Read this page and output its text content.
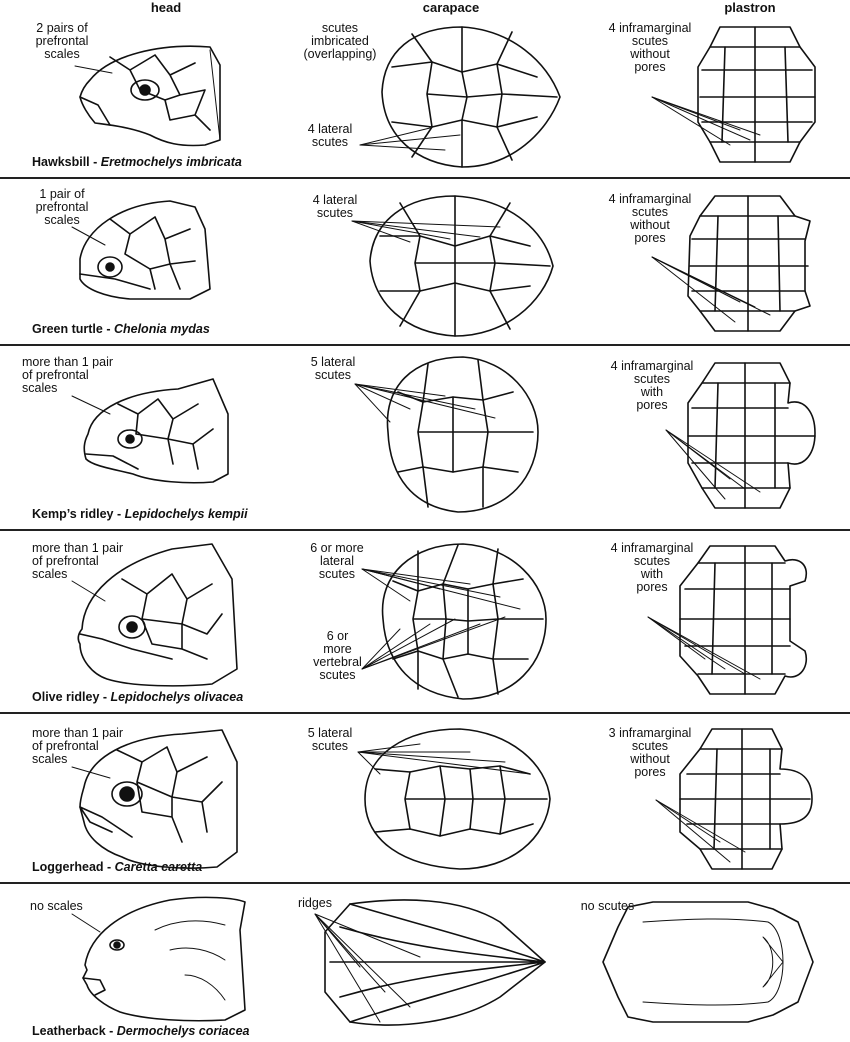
head	carapace	plastron
2 pairs of
prefrontal
scales
scutes
imbricated
(overlapping)
4 lateral
scutes
4 inframarginal
scutes
without
pores
Hawksbill - Eretmochelys imbricata
1 pair of
prefrontal
scales
4 lateral
scutes
4 inframarginal
scutes
without
pores
Green turtle - Chelonia mydas
more than 1 pair
of prefrontal
scales
5 lateral
scutes
4 inframarginal
scutes
with
pores
Kemp’s ridley - Lepidochelys kempii
more than 1 pair
of prefrontal
scales
6 or more
lateral
scutes
6 or
more
vertebral
scutes
4 inframarginal
scutes
with
pores
Olive ridley - Lepidochelys olivacea
more than 1 pair
of prefrontal
scales
5 lateral
scutes
3 inframarginal
scutes
without
pores
Loggerhead - Caretta caretta
no scales	ridges	no scutes
Leatherback - Dermochelys coriacea
